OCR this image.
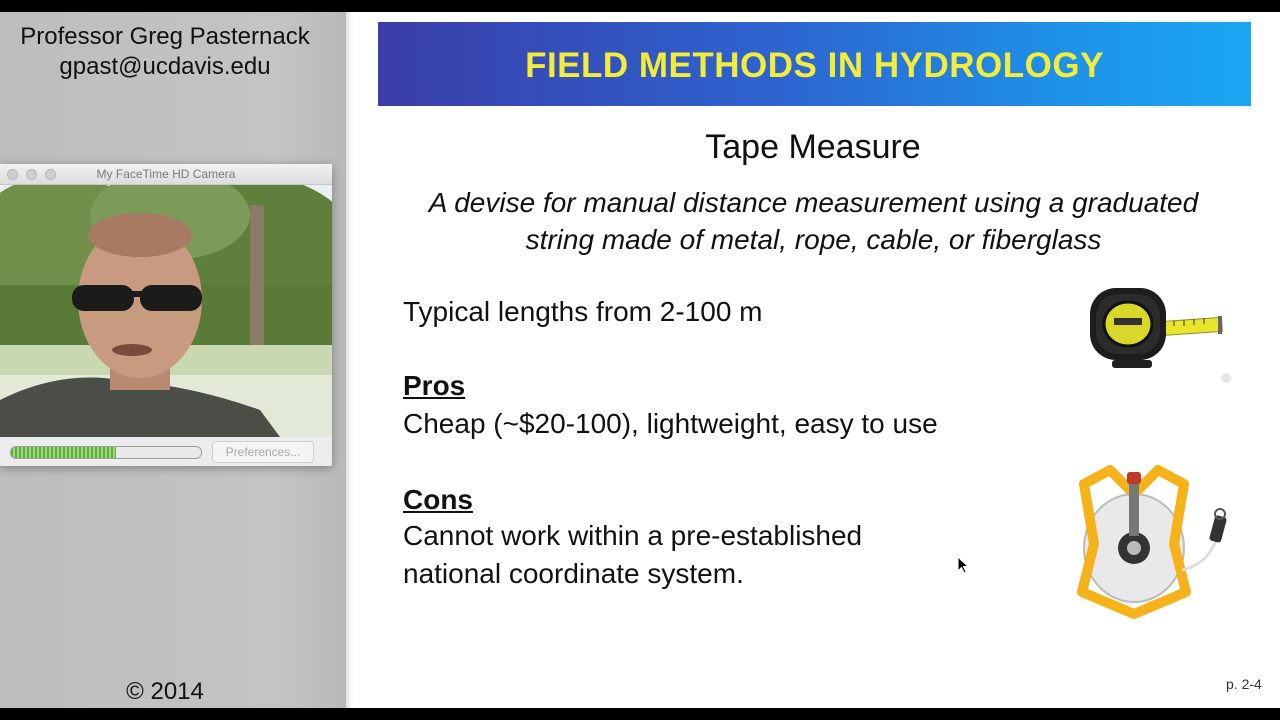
Professor Greg Pasternack
gpast@ucdavis.edu
© 2014
My FaceTime HD Camera
Preferences...
FIELD METHODS IN HYDROLOGY
Tape Measure
A devise for manual distance measurement using a graduated
string made of metal, rope, cable, or fiberglass
Typical lengths from 2-100 m
Pros
Cheap (~$20-100), lightweight, easy to use
Cons
Cannot work within a pre-established
national coordinate system.
p. 2-4
